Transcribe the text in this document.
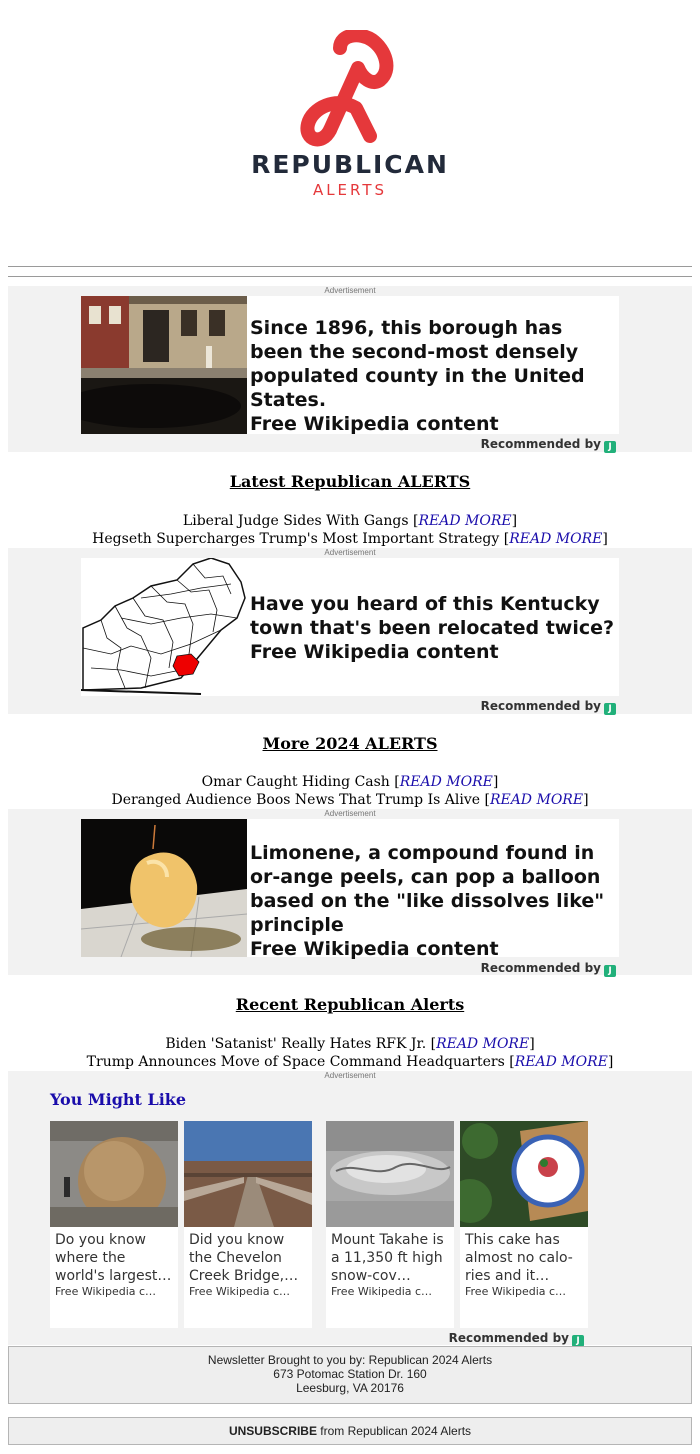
REPUBLICAN
ALERTS
Advertisement
Since 1896, this borough has been the second-most densely populated county in the United States.
Free Wikipedia content
Recommended by J
Latest Republican ALERTS
Liberal Judge Sides With Gangs [READ MORE]
Hegseth Supercharges Trump's Most Important Strategy [READ MORE]
Advertisement
Have you heard of this Kentucky town that's been relocated twice?
Free Wikipedia content
Recommended by J
More 2024 ALERTS
Omar Caught Hiding Cash [READ MORE]
Deranged Audience Boos News That Trump Is Alive [READ MORE]
Advertisement
Limonene, a compound found in or-ange peels, can pop a balloon based on the "like dissolves like" principle
Free Wikipedia content
Recommended by J
Recent Republican Alerts
Biden 'Satanist' Really Hates RFK Jr. [READ MORE]
Trump Announces Move of Space Command Headquarters [READ MORE]
Advertisement
You Might Like
Do you know where the world's largest…
Free Wikipedia c…
Did you know the Chevelon Creek Bridge,…
Free Wikipedia c…
Mount Takahe is a 11,350 ft high snow-cov…
Free Wikipedia c…
This cake has almost no calo-ries and it…
Free Wikipedia c…
Recommended by J
Newsletter Brought to you by: Republican 2024 Alerts
673 Potomac Station Dr. 160
Leesburg, VA 20176
UNSUBSCRIBE from Republican 2024 Alerts
